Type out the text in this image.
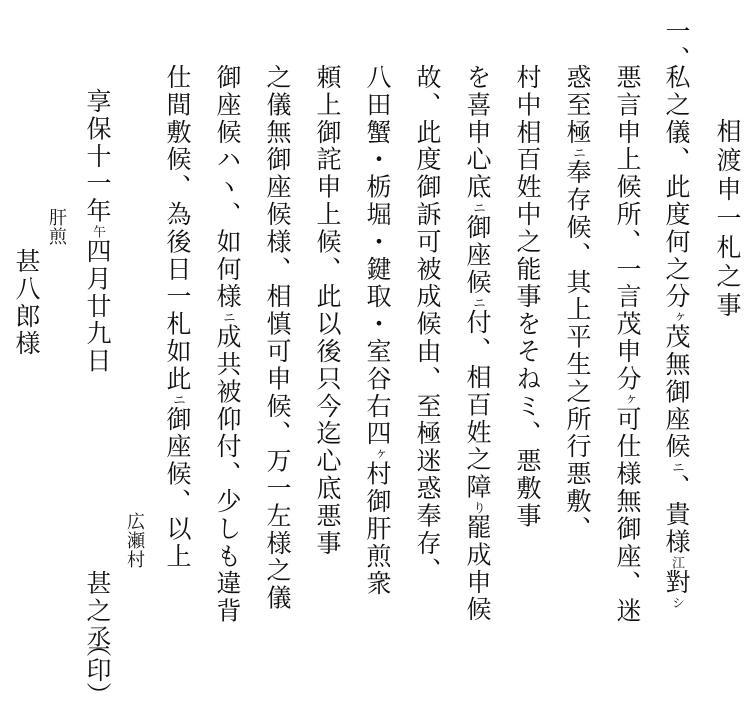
相渡申一札之事
一、
私之儀、此度何之分ヶ茂無御座候ニ、貴様江對シ
悪言申上候所、一言茂申分ヶ可仕様無御座、迷
惑至極ニ奉存候、其上平生之所行悪敷、
村中相百姓中之能事をそねミ、悪敷事
を喜申心底ニ御座候ニ付、相百姓之障り罷成申候
故、此度御訴可被成候由、至極迷惑奉存、
八田蟹・栃堀・鍵取・室谷右四ヶ村御肝煎衆
頼上御詫申上候、此以後只今迄心底悪事
之儀無御座候様、相慎可申候、万一左様之儀
御座候ハヽ、如何様ニ成共被仰付、少しも違背
仕間敷候、為後日一札如此ニ御座候、以上
広瀬村
甚之丞
（印）
享保十一年午四月廿九日
肝煎
甚八郎様
